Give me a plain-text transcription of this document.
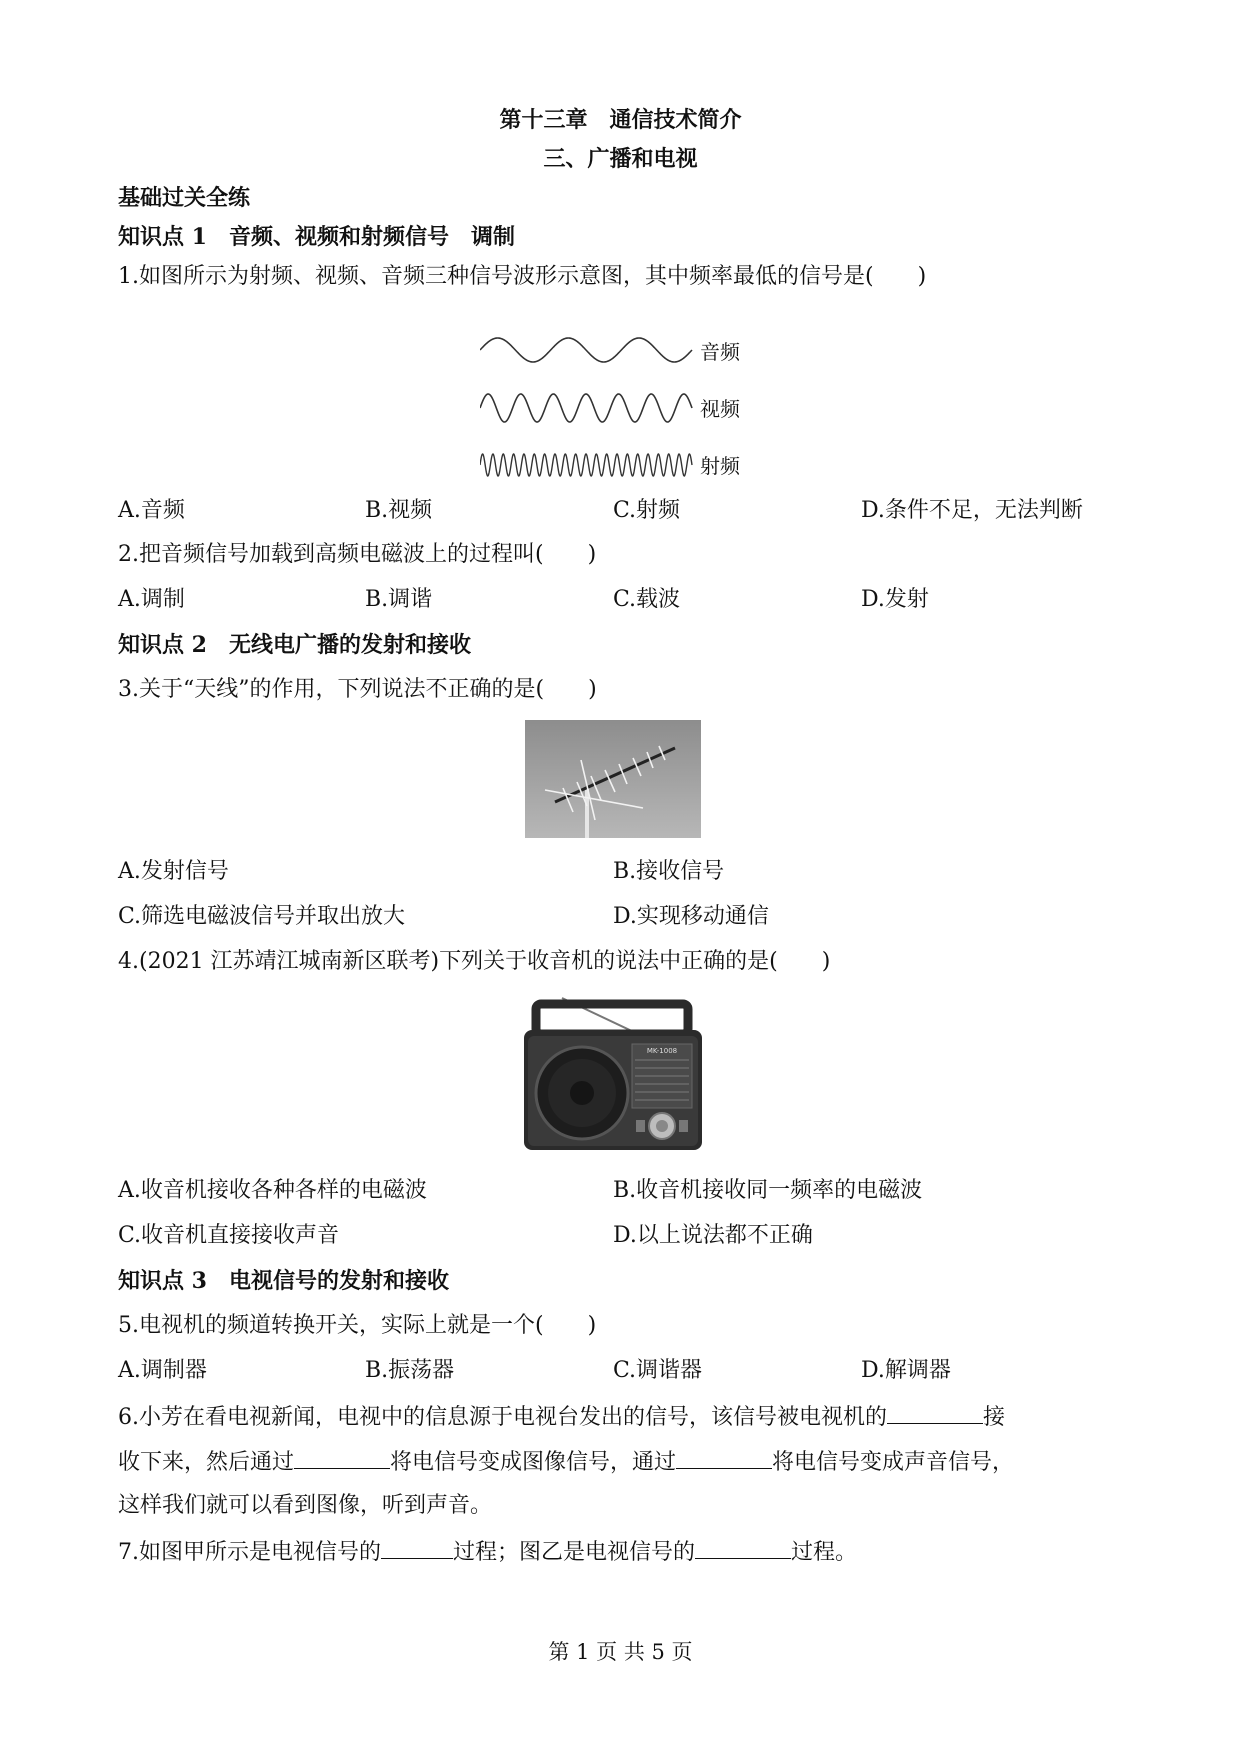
第十三章　通信技术简介
三、广播和电视
基础过关全练
知识点 1　音频、视频和射频信号　调制
1.如图所示为射频、视频、音频三种信号波形示意图，其中频率最低的信号是(　　)
音频
视频
射频
A.音频	B.视频	C.射频	D.条件不足，无法判断
2.把音频信号加载到高频电磁波上的过程叫(　　)
A.调制	B.调谐	C.载波	D.发射
知识点 2　无线电广播的发射和接收
3.关于“天线”的作用，下列说法不正确的是(　　)
A.发射信号	B.接收信号
C.筛选电磁波信号并取出放大	D.实现移动通信
4.(2021 江苏靖江城南新区联考)下列关于收音机的说法中正确的是(　　)
MK-1008
A.收音机接收各种各样的电磁波	B.收音机接收同一频率的电磁波
C.收音机直接接收声音	D.以上说法都不正确
知识点 3　电视信号的发射和接收
5.电视机的频道转换开关，实际上就是一个(　　)
A.调制器	B.振荡器	C.调谐器	D.解调器
6.小芳在看电视新闻，电视中的信息源于电视台发出的信号，该信号被电视机的	接
收下来，然后通过	将电信号变成图像信号，通过	将电信号变成声音信号，
这样我们就可以看到图像，听到声音。
7.如图甲所示是电视信号的	过程；图乙是电视信号的	过程。
第 1 页 共 5 页
